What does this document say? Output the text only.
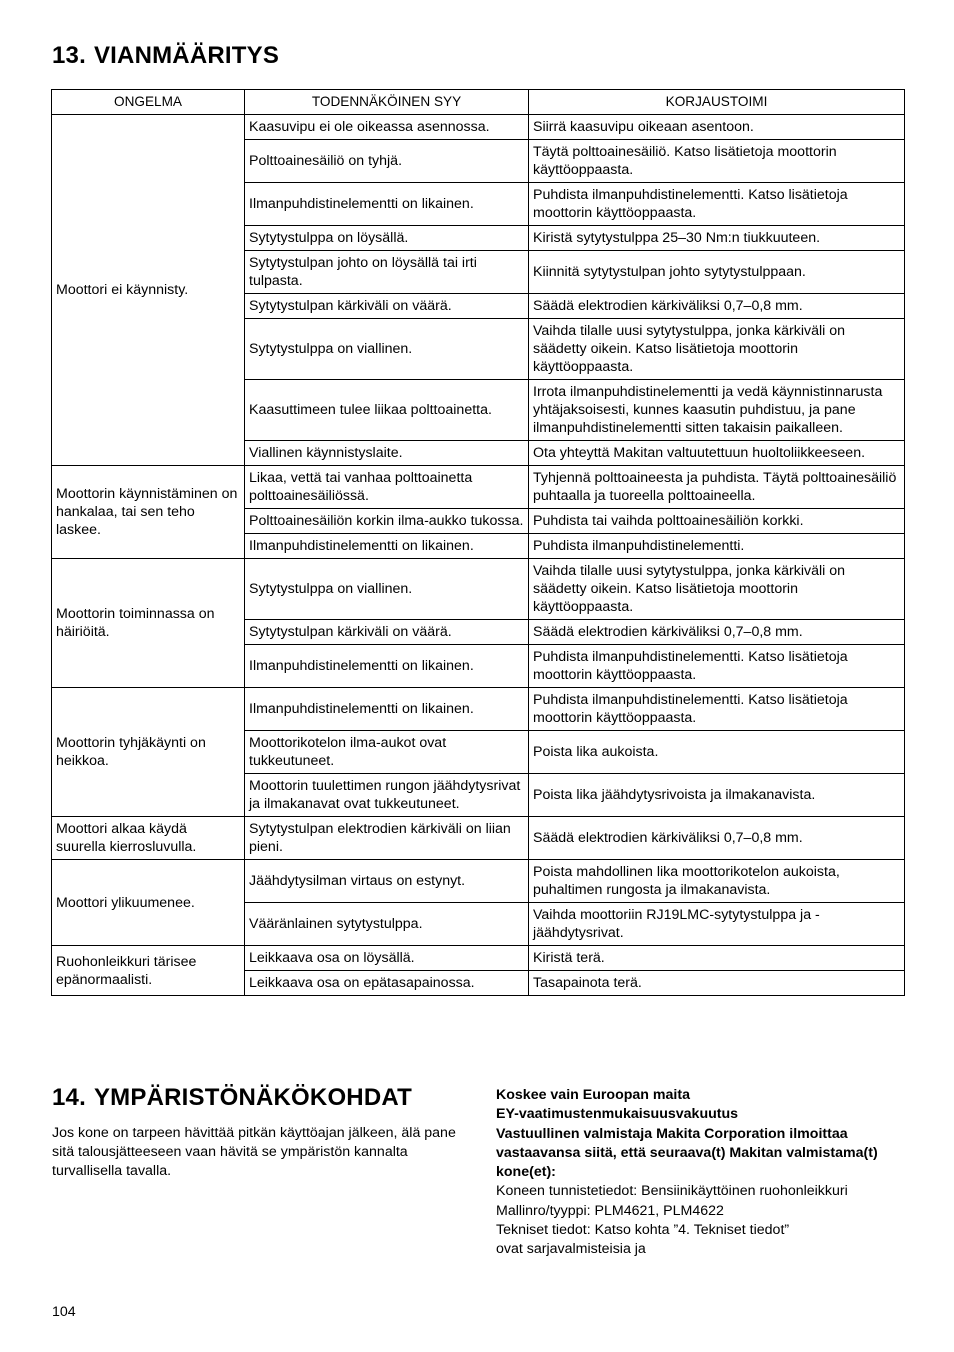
13. VIANMÄÄRITYS
ONGELMA	TODENNÄKÖINEN SYY	KORJAUSTOIMI
Moottori ei käynnisty.	Kaasuvipu ei ole oikeassa asennossa.	Siirrä kaasuvipu oikeaan asentoon.
	Polttoainesäiliö on tyhjä.	Täytä polttoainesäiliö. Katso lisätietoja moottorin käyttöoppaasta.
	Ilmanpuhdistinelementti on likainen.	Puhdista ilmanpuhdistinelementti. Katso lisätietoja moottorin käyttöoppaasta.
	Sytytystulppa on löysällä.	Kiristä sytytystulppa 25–30 Nm:n tiukkuuteen.
	Sytytystulpan johto on löysällä tai irti tulpasta.	Kiinnitä sytytystulpan johto sytytystulppaan.
	Sytytystulpan kärkiväli on väärä.	Säädä elektrodien kärkiväliksi 0,7–0,8 mm.
	Sytytystulppa on viallinen.	Vaihda tilalle uusi sytytystulppa, jonka kärkiväli on säädetty oikein. Katso lisätietoja moottorin käyttöoppaasta.
	Kaasuttimeen tulee liikaa polttoainetta.	Irrota ilmanpuhdistinelementti ja vedä käynnistinnarusta yhtäjaksoisesti, kunnes kaasutin puhdistuu, ja pane ilmanpuhdistinelementti sitten takaisin paikalleen.
	Viallinen käynnistyslaite.	Ota yhteyttä Makitan valtuutettuun huoltoliikkeeseen.
Moottorin käynnistäminen on hankalaa, tai sen teho laskee.	Likaa, vettä tai vanhaa polttoainetta polttoainesäiliössä.	Tyhjennä polttoaineesta ja puhdista. Täytä polttoainesäiliö puhtaalla ja tuoreella polttoaineella.
	Polttoainesäiliön korkin ilma-aukko tukossa.	Puhdista tai vaihda polttoainesäiliön korkki.
	Ilmanpuhdistinelementti on likainen.	Puhdista ilmanpuhdistinelementti.
Moottorin toiminnassa on häiriöitä.	Sytytystulppa on viallinen.	Vaihda tilalle uusi sytytystulppa, jonka kärkiväli on säädetty oikein. Katso lisätietoja moottorin käyttöoppaasta.
	Sytytystulpan kärkiväli on väärä.	Säädä elektrodien kärkiväliksi 0,7–0,8 mm.
	Ilmanpuhdistinelementti on likainen.	Puhdista ilmanpuhdistinelementti. Katso lisätietoja moottorin käyttöoppaasta.
Moottorin tyhjäkäynti on heikkoa.	Ilmanpuhdistinelementti on likainen.	Puhdista ilmanpuhdistinelementti. Katso lisätietoja moottorin käyttöoppaasta.
	Moottorikotelon ilma-aukot ovat tukkeutuneet.	Poista lika aukoista.
	Moottorin tuulettimen rungon jäähdytysrivat ja ilmakanavat ovat tukkeutuneet.	Poista lika jäähdytysrivoista ja ilmakanavista.
Moottori alkaa käydä suurella kierrosluvulla.	Sytytystulpan elektrodien kärkiväli on liian pieni.	Säädä elektrodien kärkiväliksi 0,7–0,8 mm.
Moottori ylikuumenee.	Jäähdytysilman virtaus on estynyt.	Poista mahdollinen lika moottorikotelon aukoista, puhaltimen rungosta ja ilmakanavista.
	Vääränlainen sytytystulppa.	Vaihda moottoriin RJ19LMC-sytytystulppa ja -jäähdytysrivat.
Ruohonleikkuri tärisee epänormaalisti.	Leikkaava osa on löysällä.	Kiristä terä.
	Leikkaava osa on epätasapainossa.	Tasapainota terä.
14. YMPÄRISTÖNÄKÖKOHDAT

Jos kone on tarpeen hävittää pitkän käyttöajan jälkeen, älä pane sitä talousjätteeseen vaan hävitä se ympäristön kannalta turvallisella tavalla.

Koskee vain Euroopan maita
EY-vaatimustenmukaisuusvakuutus
Vastuullinen valmistaja Makita Corporation ilmoittaa vastaavansa siitä, että seuraava(t) Makitan valmistama(t) kone(et):
Koneen tunnistetiedot: Bensiinikäyttöinen ruohonleikkuri
Mallinro/tyyppi: PLM4621, PLM4622
Tekniset tiedot: Katso kohta ”4. Tekniset tiedot”
ovat sarjavalmisteisia ja
104
